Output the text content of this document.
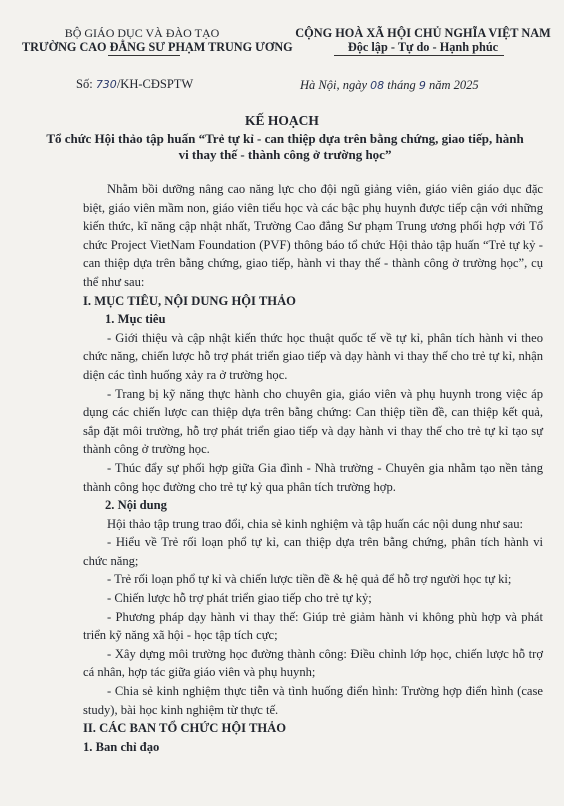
BỘ GIÁO DỤC VÀ ĐÀO TẠO
TRƯỜNG CAO ĐẲNG SƯ PHẠM TRUNG ƯƠNG
CỘNG HOÀ XÃ HỘI CHỦ NGHĨA VIỆT NAM
Độc lập - Tự do - Hạnh phúc
Số: 730/KH-CĐSPTW	Hà Nội, ngày 08 tháng 9 năm 2025
KẾ HOẠCH
Tổ chức Hội thảo tập huấn “Trẻ tự kỉ - can thiệp dựa trên bằng chứng, giao tiếp, hành vi thay thế - thành công ở trường học”

Nhằm bồi dưỡng nâng cao năng lực cho đội ngũ giảng viên, giáo viên giáo dục đặc biệt, giáo viên mầm non, giáo viên tiểu học và các bậc phụ huynh được tiếp cận với những kiến thức, kĩ năng cập nhật nhất, Trường Cao đẳng Sư phạm Trung ương phối hợp với Tổ chức Project VietNam Foundation (PVF) thông báo tổ chức Hội thảo tập huấn “Trẻ tự kỷ - can thiệp dựa trên bằng chứng, giao tiếp, hành vi thay thế - thành công ở trường học”, cụ thể như sau:

I. MỤC TIÊU, NỘI DUNG HỘI THẢO

1. Mục tiêu

- Giới thiệu và cập nhật kiến thức học thuật quốc tế về tự kỉ, phân tích hành vi theo chức năng, chiến lược hỗ trợ phát triển giao tiếp và dạy hành vi thay thế cho trẻ tự kỉ, nhận diện các tình huống xảy ra ở trường học.

- Trang bị kỹ năng thực hành cho chuyên gia, giáo viên và phụ huynh trong việc áp dụng các chiến lược can thiệp dựa trên bằng chứng: Can thiệp tiền đề, can thiệp kết quả, sắp đặt môi trường, hỗ trợ phát triển giao tiếp và dạy hành vi thay thế cho trẻ tự kỉ tạo sự thành công ở trường học.

- Thúc đẩy sự phối hợp giữa Gia đình - Nhà trường - Chuyên gia nhằm tạo nền tảng thành công học đường cho trẻ tự kỷ qua phân tích trường hợp.

2. Nội dung

Hội thảo tập trung trao đổi, chia sẻ kinh nghiệm và tập huấn các nội dung như sau:

- Hiểu về Trẻ rối loạn phổ tự kỉ, can thiệp dựa trên bằng chứng, phân tích hành vi chức năng;

- Trẻ rối loạn phổ tự kỉ và chiến lược tiền đề & hệ quả để hỗ trợ người học tự kỉ;

- Chiến lược hỗ trợ phát triển giao tiếp cho trẻ tự kỷ;

- Phương pháp dạy hành vi thay thế: Giúp trẻ giảm hành vi không phù hợp và phát triển kỹ năng xã hội - học tập tích cực;

- Xây dựng môi trường học đường thành công: Điều chỉnh lớp học, chiến lược hỗ trợ cá nhân, hợp tác giữa giáo viên và phụ huynh;

- Chia sẻ kinh nghiệm thực tiễn và tình huống điển hình: Trường hợp điển hình (case study), bài học kinh nghiệm từ thực tế.

II. CÁC BAN TỔ CHỨC HỘI THẢO

1. Ban chỉ đạo
